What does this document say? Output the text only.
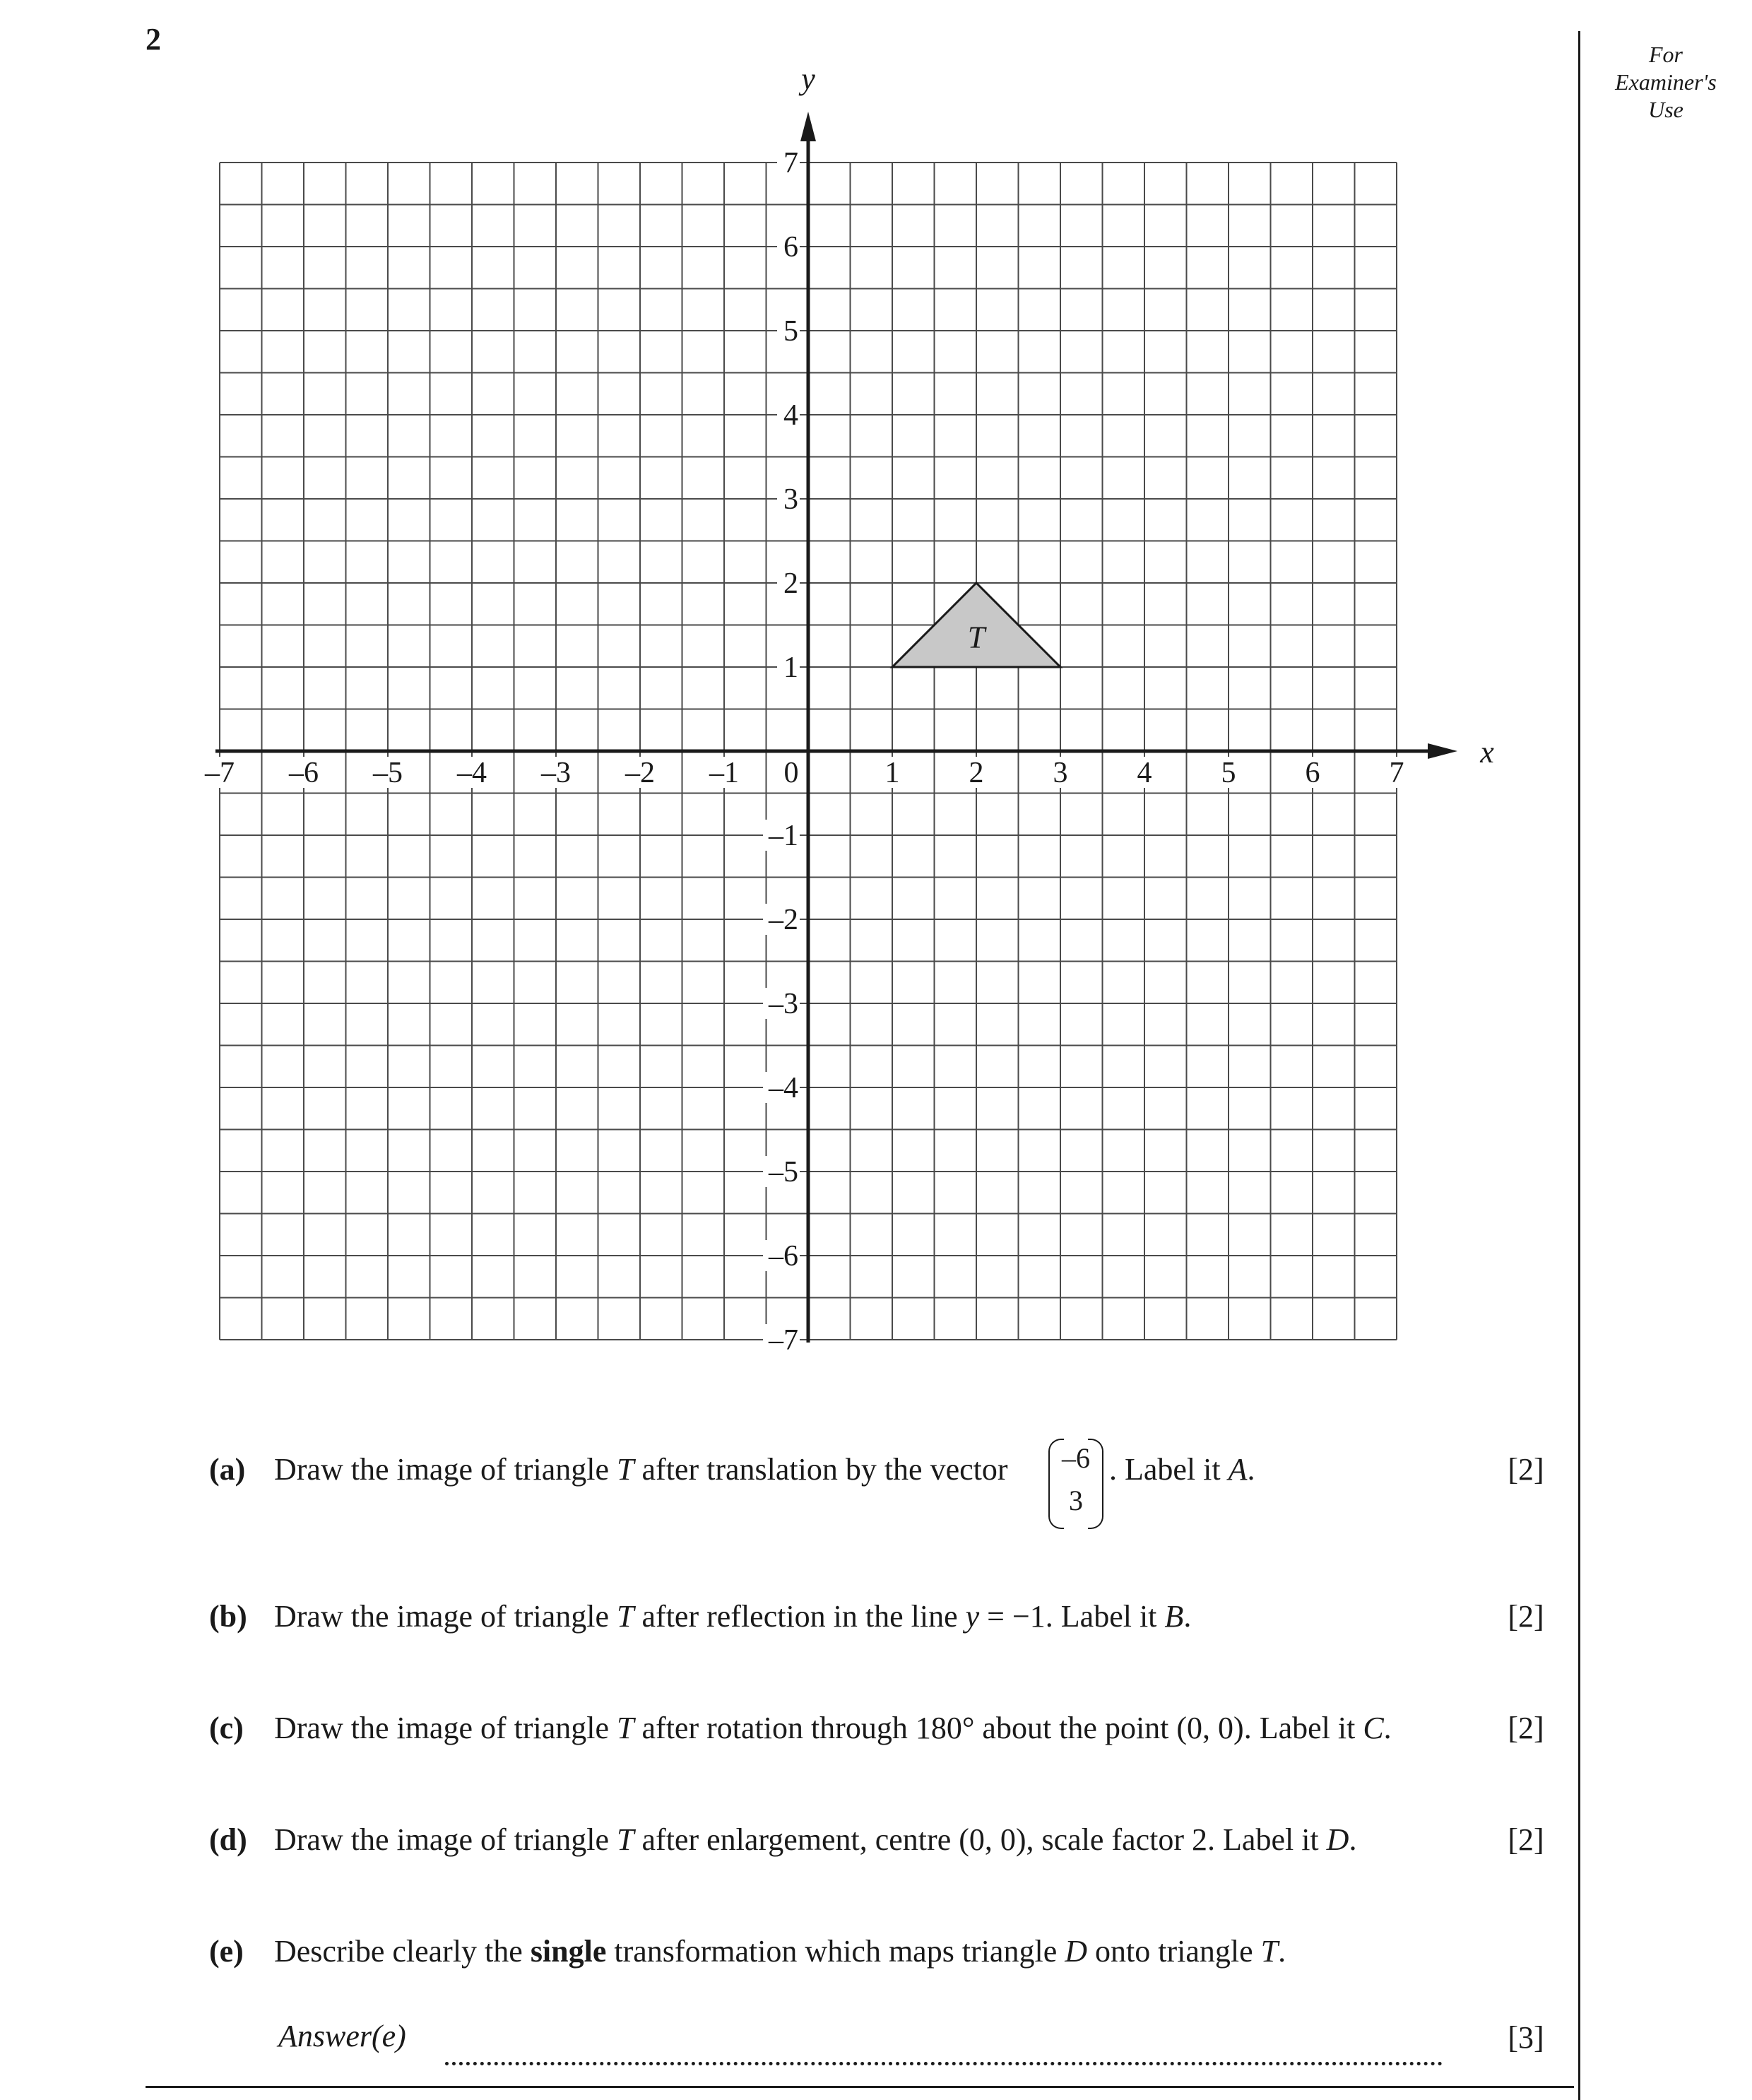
2	For
Examiner's
Use
x
y
–7 –6 –5 –4 –3 –2 –1 0	1 2 3 4 5 6 7
7
6
5
4
3
2
1
–1
–2
–3
–4
–5
–6
–7
T
(a) Draw the image of triangle T after translation by the vector	–6
3
. Label it A.	[2]
(b) Draw the image of triangle T after reflection in the line y = −1. Label it B.	[2]
(c) Draw the image of triangle T after rotation through 180° about the point (0, 0). Label it C.	[2]
(d) Draw the image of triangle T after enlargement, centre (0, 0), scale factor 2. Label it D.	[2]
(e) Describe clearly the single transformation which maps triangle D onto triangle T.
Answer(e)	[3]
